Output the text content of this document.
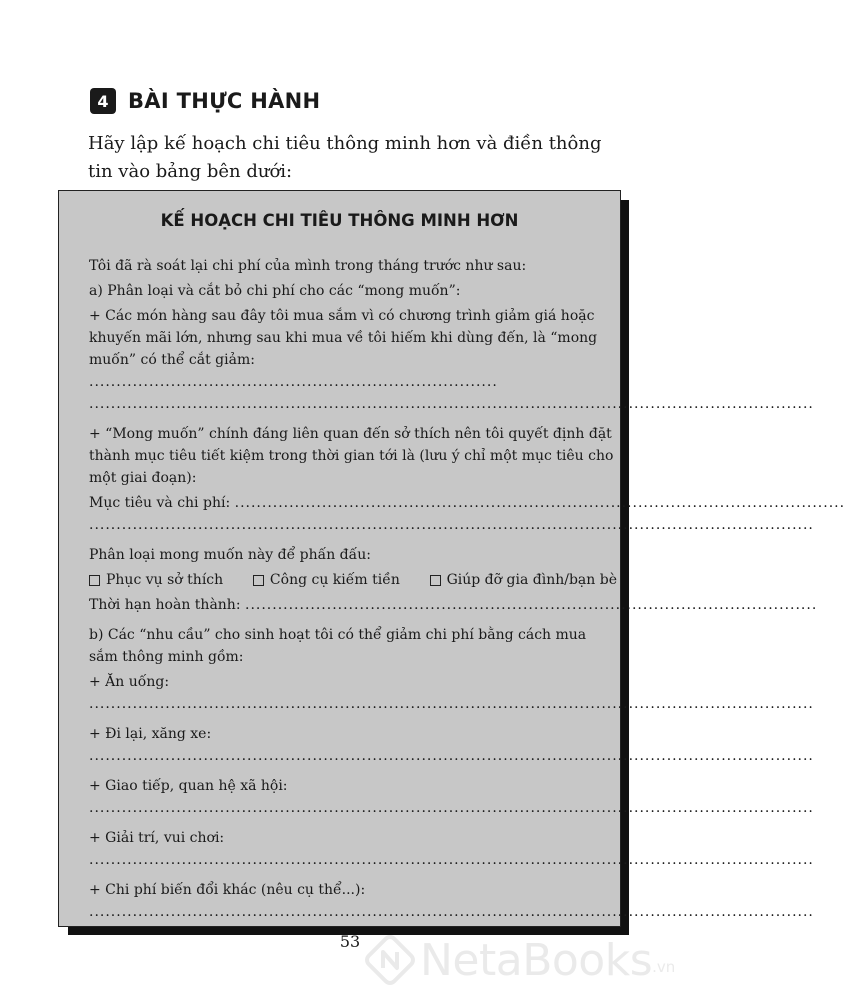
4 BÀI THỰC HÀNH
Hãy lập kế hoạch chi tiêu thông minh hơn và điền thông tin vào bảng bên dưới:
KẾ HOẠCH CHI TIÊU THÔNG MINH HƠN
Tôi đã rà soát lại chi phí của mình trong tháng trước như sau:
a) Phân loại và cắt bỏ chi phí cho các “mong muốn”:
+ Các món hàng sau đây tôi mua sắm vì có chương trình giảm giá hoặc khuyến mãi lớn, nhưng sau khi mua về tôi hiếm khi dùng đến, là “mong muốn” có thể cắt giảm: ...........................................................................
.....................................................................................................................................
+ “Mong muốn” chính đáng liên quan đến sở thích nên tôi quyết định đặt thành mục tiêu tiết kiệm trong thời gian tới là (lưu ý chỉ một mục tiêu cho một giai đoạn):
Mục tiêu và chi phí: ................................................................................................................
.....................................................................................................................................
Phân loại mong muốn này để phấn đấu:
Phục vụ sở thích	Công cụ kiếm tiền	Giúp đỡ gia đình/bạn bè
Thời hạn hoàn thành: .........................................................................................................
b) Các “nhu cầu” cho sinh hoạt tôi có thể giảm chi phí bằng cách mua sắm thông minh gồm:
+ Ăn uống:
.....................................................................................................................................
+ Đi lại, xăng xe:
.....................................................................................................................................
+ Giao tiếp, quan hệ xã hội:
.....................................................................................................................................
+ Giải trí, vui chơi:
.....................................................................................................................................
+ Chi phí biến đổi khác (nêu cụ thể...):
.....................................................................................................................................
53	NetaBooks .vn
